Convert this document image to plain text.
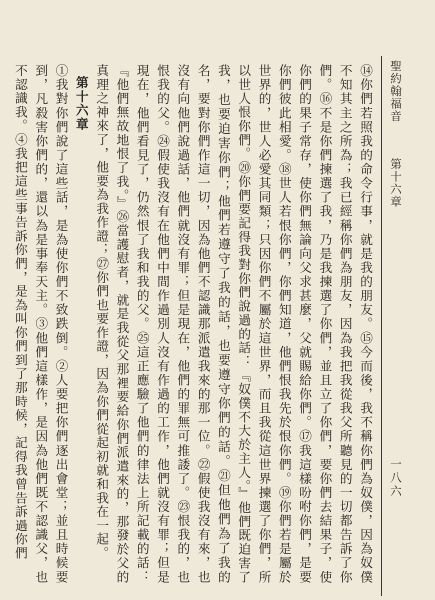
聖約翰福音
第十六章
一八六

⑭你們若照我的命令行事，就是我的朋友。⑮今而後，我不稱你們為奴僕，因為奴僕不知其主之所為；我已經稱你們為朋友，因為我把我從我父所聽見的一切都告訴了你們。⑯不是你們揀選了我，乃是我揀選了你們，並且立了你們，要你們去結果子，使你們的果子常存，使你們無論向父求甚麼，父就賜給你們。⑰我這樣吩咐你們，是要你們彼此相愛。⑱世人若恨你們，你們知道，他們恨我先於恨你們。⑲你們若是屬於世界的，世人必愛其同類；只因你們不屬於這世界，而且我從這世界揀選了你們，所以世人恨你們。⑳你們要記得我對你們說過的話：『奴僕不大於主人。』他們既迫害了我，也要迫害你們；他們若遵守了我的話，也要遵守你們的話。㉑但他們為了我的名，要對你們作這一切，因為他們不認識那派遣我來的那一位。㉒假使我沒有來，也沒有向他們說過話，他們就沒有罪；但是現在，他們的罪無可推諉了。㉓恨我的，也恨我的父。㉔假使我沒有在他們中間作過別人沒有作過的工作，他們就沒有罪；但是現在，他們看見了，仍然恨了我和我的父。㉕這正應驗了他們的律法上所記載的話：『他們無故地恨了我。』㉖當護慰者，就是我從父那裡要給你們派遣來的，那發於父的真理之神來了，他要為我作證；㉗你們也要作證，因為你們從起初就和我在一起。

第十六章

①我對你們說了這些話，是為使你們不致跌倒。②人要把你們逐出會堂；並且時候要到，凡殺害你們的，還以為是事奉天主。③他們這樣作，是因為他們既不認識父，也不認識我。④我把這些事告訴你們，是為叫你們到了那時候，記得我曾告訴過你們
